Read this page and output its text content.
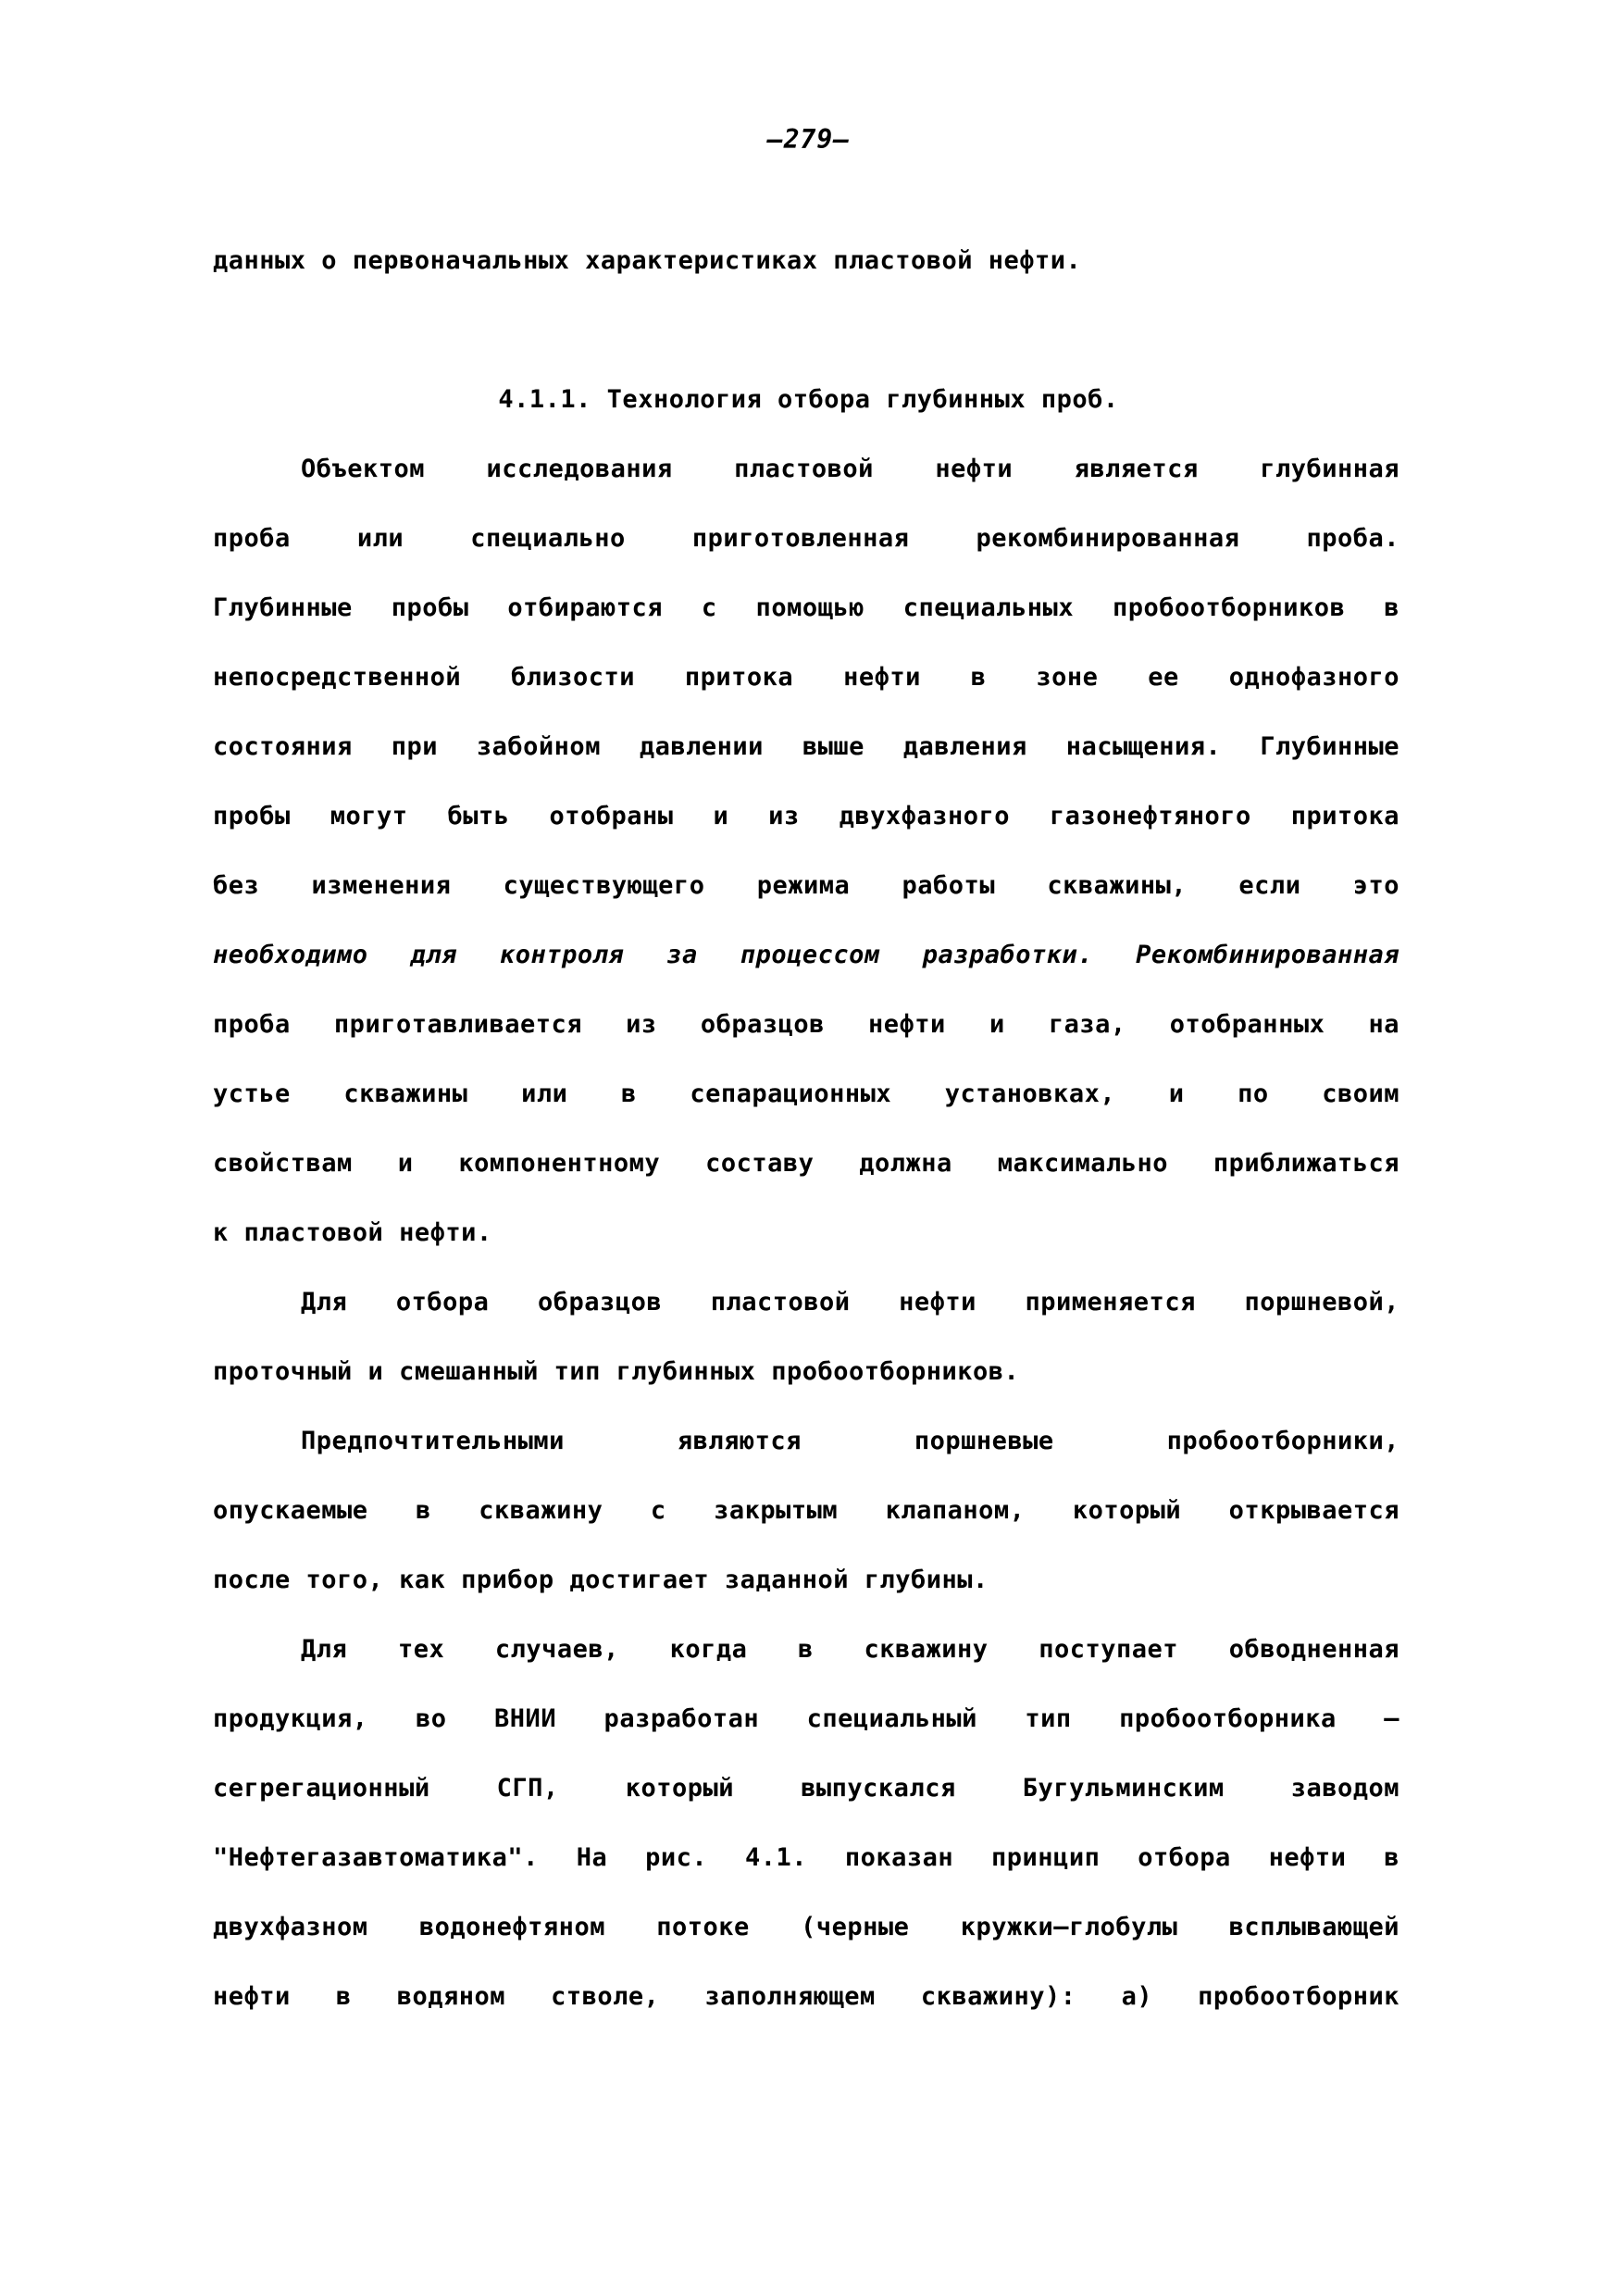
–279–
данных о первоначальных характеристиках пластовой нефти.
4.1.1. Технология отбора глубинных проб.
Объектом исследования пластовой нефти является глубинная
проба или специально приготовленная рекомбинированная проба.
Глубинные пробы отбираются с помощью специальных пробоотборников в
непосредственной близости притока нефти в зоне ее однофазного
состояния при забойном давлении выше давления насыщения. Глубинные
пробы могут быть отобраны и из двухфазного газонефтяного притока
без изменения существующего режима работы скважины, если это
необходимо для контроля за процессом разработки. Рекомбинированная
проба приготавливается из образцов нефти и газа, отобранных на
устье скважины или в сепарационных установках, и по своим
свойствам и компонентному составу должна максимально приближаться
к пластовой нефти.
Для отбора образцов пластовой нефти применяется поршневой,
проточный и смешанный тип глубинных пробоотборников.
Предпочтительными являются поршневые пробоотборники,
опускаемые в скважину с закрытым клапаном, который открывается
после того, как прибор достигает заданной глубины.
Для тех случаев, когда в скважину поступает обводненная
продукция, во ВНИИ разработан специальный тип пробоотборника –
сегрегационный СГП, который выпускался Бугульминским заводом
"Нефтегазавтоматика". На рис. 4.1. показан принцип отбора нефти в
двухфазном водонефтяном потоке (черные кружки–глобулы всплывающей
нефти в водяном стволе, заполняющем скважину): а) пробоотборник
